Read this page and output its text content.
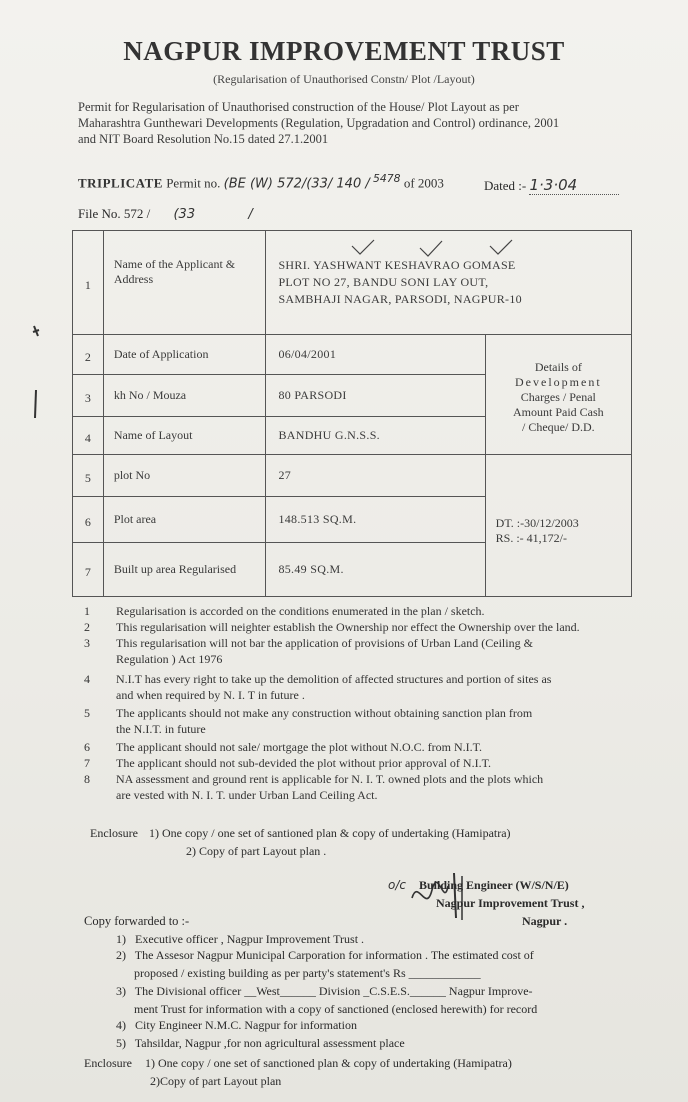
NAGPUR IMPROVEMENT TRUST
(Regularisation of Unauthorised Constn/ Plot /Layout)
Permit for Regularisation of Unauthorised construction of the House/ Plot Layout as per
Maharashtra Gunthewari Developments (Regulation, Upgradation and Control) ordinance, 2001
and NIT Board Resolution No.15 dated 27.1.2001
TRIPLICATE Permit no. (BE (W) 572/(33/ 140 / $^{5478}$ of 2003	Dated :- 1·3·04
File No. 572 / (33	/
1	Name of the Applicant & Address	SHRI. YASHWANT KESHAVRAO GOMASE
PLOT NO 27, BANDU SONI LAY OUT,
SAMBHAJI NAGAR, PARSODI, NAGPUR-10	

2	Date of Application	06/04/2001	Details of
Development
Charges / Penal
Amount Paid Cash
/ Cheque/ D.D.

3	kh No / Mouza	80 PARSODI	
4	Name of Layout	BANDHU G.N.S.S.	
5	plot No	27	DT. :-30/12/2003
RS. :- 41,172/-

6	Plot area	148.513 SQ.M.	
7	Built up area Regularised	85.49 SQ.M.	
1 Regularisation is accorded on the conditions enumerated in the plan / sketch.
2 This regularisation will neighter establish the Ownership nor effect the Ownership over the land.
3 This regularisation will not bar the application of provisions of Urban Land (Ceiling &
Regulation ) Act 1976
4 N.I.T has every right to take up the demolition of affected structures and portion of sites as
and when required by N. I. T in future .
5 The applicants should not make any construction without obtaining sanction plan from
the N.I.T. in future
6 The applicant should not sale/ mortgage the plot without N.O.C. from N.I.T.
7 The applicant should not sub-devided the plot without prior approval of N.I.T.
8 NA assessment and ground rent is applicable for N. I. T. owned plots and the plots which
are vested with N. I. T. under Urban Land Ceiling Act.
Enclosure 1) One copy / one set of santioned plan & copy of undertaking (Hamipatra)
2) Copy of part Layout plan .
o/c Building Engineer (W/S/N/E)
Nagpur Improvement Trust ,
Nagpur .
Copy forwarded to :-
1)   Executive officer , Nagpur Improvement Trust .
2)   The Assesor Nagpur Municipal Carporation for information . The estimated cost of
proposed / existing building as per party's statement's Rs ____________
3)   The Divisional officer __West______ Division _C.S.E.S.______ Nagpur Improve-
ment Trust for information with a copy of sanctioned (enclosed herewith) for record
4)   City Engineer N.M.C. Nagpur for information
5)   Tahsildar, Nagpur ,for non agricultural assessment place
Enclosure 1) One copy / one set of sanctioned plan & copy of undertaking (Hamipatra)
2)Copy of part Layout plan
